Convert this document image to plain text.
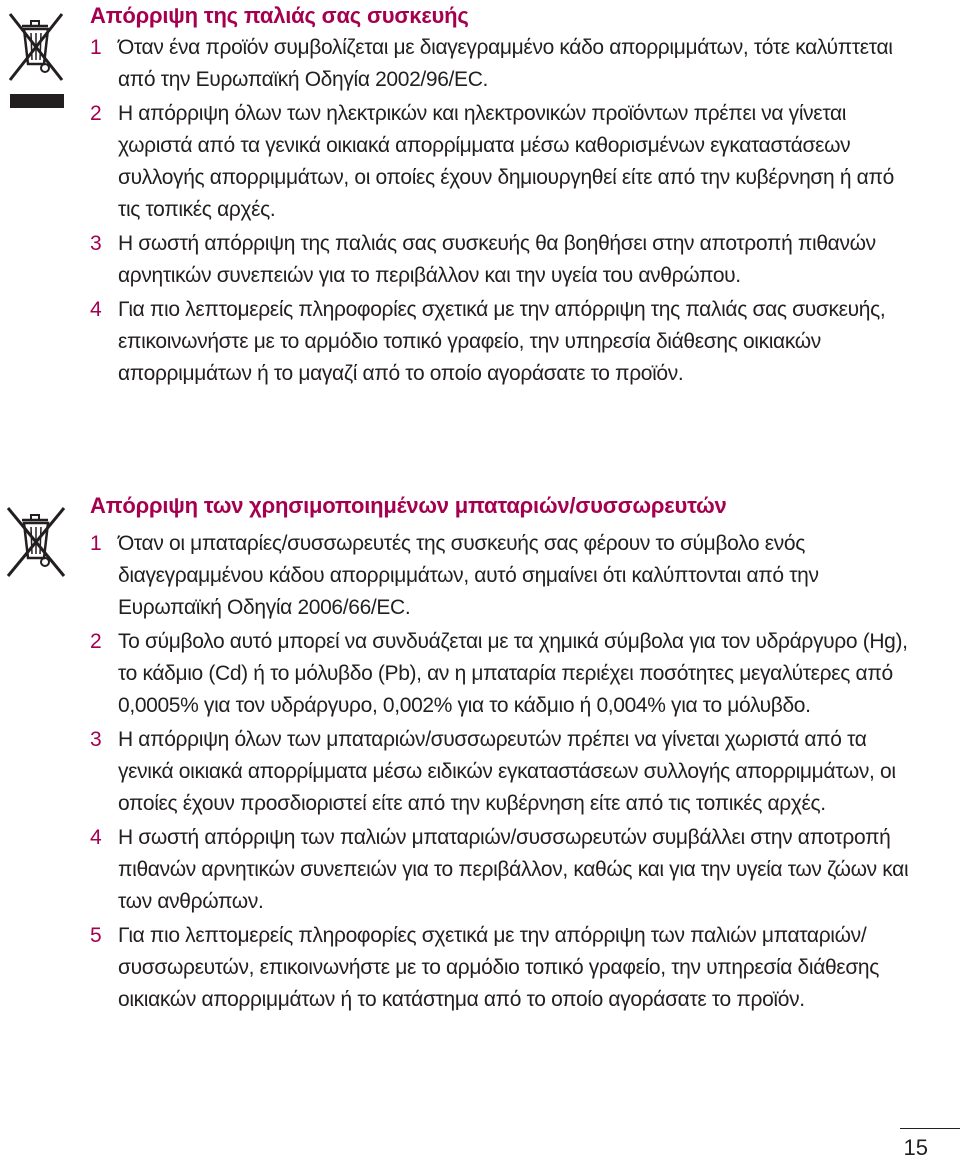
Απόρριψη της παλιάς σας συσκευής
1 Όταν ένα προϊόν συμβολίζεται με διαγεγραμμένο κάδο απορριμμάτων, τότε καλύπτεται από την Ευρωπαϊκή Οδηγία 2002/96/EC.
2 Η απόρριψη όλων των ηλεκτρικών και ηλεκτρονικών προϊόντων πρέπει να γίνεται χωριστά από τα γενικά οικιακά απορρίμματα μέσω καθορισμένων εγκαταστάσεων συλλογής απορριμμάτων, οι οποίες έχουν δημιουργηθεί είτε από την κυβέρνηση ή από τις τοπικές αρχές.
3 Η σωστή απόρριψη της παλιάς σας συσκευής θα βοηθήσει στην αποτροπή πιθανών αρνητικών συνεπειών για το περιβάλλον και την υγεία του ανθρώπου.
4 Για πιο λεπτομερείς πληροφορίες σχετικά με την απόρριψη της παλιάς σας συσκευής, επικοινωνήστε με το αρμόδιο τοπικό γραφείο, την υπηρεσία διάθεσης οικιακών απορριμμάτων ή το μαγαζί από το οποίο αγοράσατε το προϊόν.
Απόρριψη των χρησιμοποιημένων μπαταριών/συσσωρευτών
1 Όταν οι μπαταρίες/συσσωρευτές της συσκευής σας φέρουν το σύμβολο ενός διαγεγραμμένου κάδου απορριμμάτων, αυτό σημαίνει ότι καλύπτονται από την Ευρωπαϊκή Οδηγία 2006/66/EC.
2 Το σύμβολο αυτό μπορεί να συνδυάζεται με τα χημικά σύμβολα για τον υδράργυρο (Hg), το κάδμιο (Cd) ή το μόλυβδο (Pb), αν η μπαταρία περιέχει ποσότητες μεγαλύτερες από 0,0005% για τον υδράργυρο, 0,002% για το κάδμιο ή 0,004% για το μόλυβδο.
3 Η απόρριψη όλων των μπαταριών/συσσωρευτών πρέπει να γίνεται χωριστά από τα γενικά οικιακά απορρίμματα μέσω ειδικών εγκαταστάσεων συλλογής απορριμμάτων, οι οποίες έχουν προσδιοριστεί είτε από την κυβέρνηση είτε από τις τοπικές αρχές.
4 Η σωστή απόρριψη των παλιών μπαταριών/συσσωρευτών συμβάλλει στην αποτροπή πιθανών αρνητικών συνεπειών για το περιβάλλον, καθώς και για την υγεία των ζώων και των ανθρώπων.
5 Για πιο λεπτομερείς πληροφορίες σχετικά με την απόρριψη των παλιών μπαταριών/συσσωρευτών, επικοινωνήστε με το αρμόδιο τοπικό γραφείο, την υπηρεσία διάθεσης οικιακών απορριμμάτων ή το κατάστημα από το οποίο αγοράσατε το προϊόν.
15
